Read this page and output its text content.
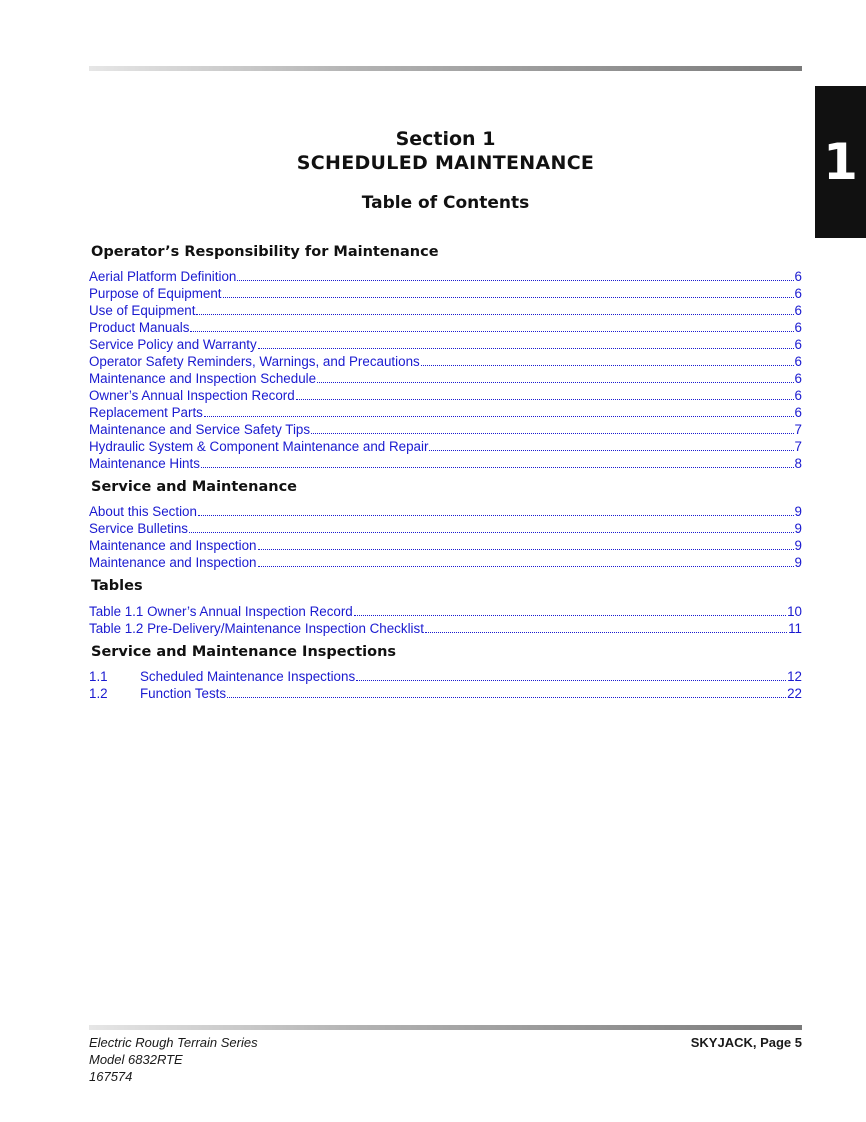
1
Section 1
SCHEDULED MAINTENANCE
Table of Contents
Operator’s Responsibility for Maintenance
Aerial Platform Definition	6
Purpose of Equipment	6
Use of Equipment	6
Product Manuals	6
Service Policy and Warranty	6
Operator Safety Reminders, Warnings, and Precautions	6
Maintenance and Inspection Schedule	6
Owner’s Annual Inspection Record	6
Replacement Parts	6
Maintenance and Service Safety Tips	7
Hydraulic System & Component Maintenance and Repair	7
Maintenance Hints	8
Service and Maintenance
About this Section	9
Service Bulletins	9
Maintenance and Inspection	9
Maintenance and Inspection	9
Tables
Table 1.1 Owner’s Annual Inspection Record	10
Table 1.2 Pre-Delivery/Maintenance Inspection Checklist	11
Service and Maintenance Inspections
1.1	Scheduled Maintenance Inspections	12
1.2	Function Tests	22
Electric Rough Terrain Series
Model 6832RTE
167574
SKYJACK, Page 5
